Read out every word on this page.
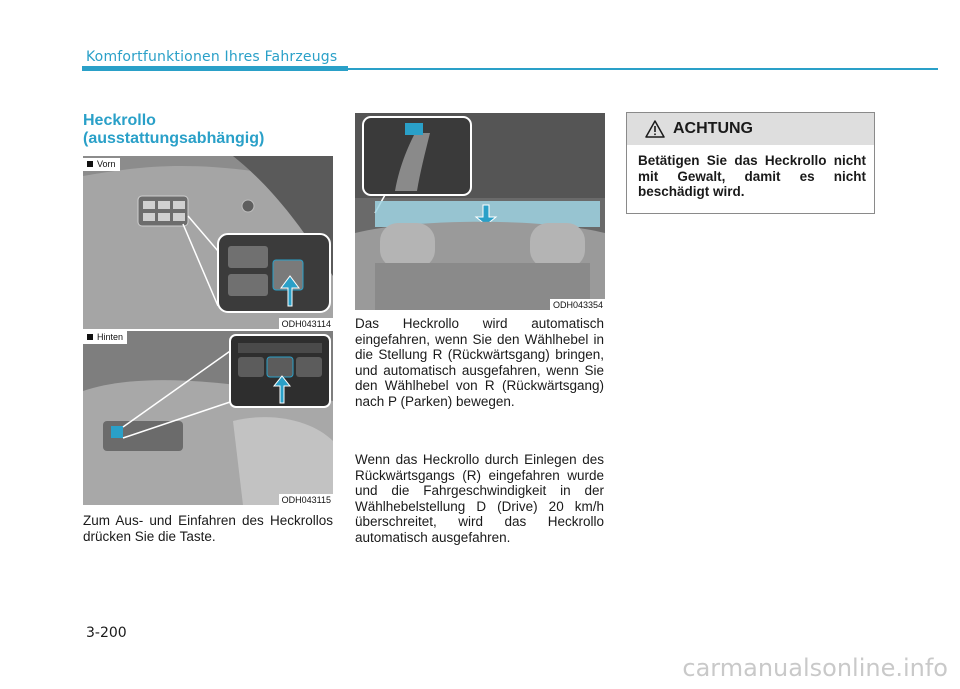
Komfortfunktionen Ihres Fahrzeugs
Heckrollo
(ausstattungsabhängig)
Vorn
ODH043114
Hinten
ODH043115

Zum Aus- und Einfahren des Heckrollos drücken Sie die Taste.

ODH043354

Das Heckrollo wird automatisch eingefahren, wenn Sie den Wählhebel in die Stellung R (Rückwärtsgang) bringen, und automatisch ausgefahren, wenn Sie den Wählhebel von R (Rückwärtsgang) nach P (Parken) bewegen.

Wenn das Heckrollo durch Einlegen des Rückwärtsgangs (R) eingefahren wurde und die Fahrgeschwindigkeit in der Wählhebelstellung D (Drive) 20 km/h überschreitet, wird das Heckrollo automatisch ausgefahren.

ACHTUNG

Betätigen Sie das Heckrollo nicht mit Gewalt, damit es nicht beschädigt wird.

3-200
carmanualsonline.info
